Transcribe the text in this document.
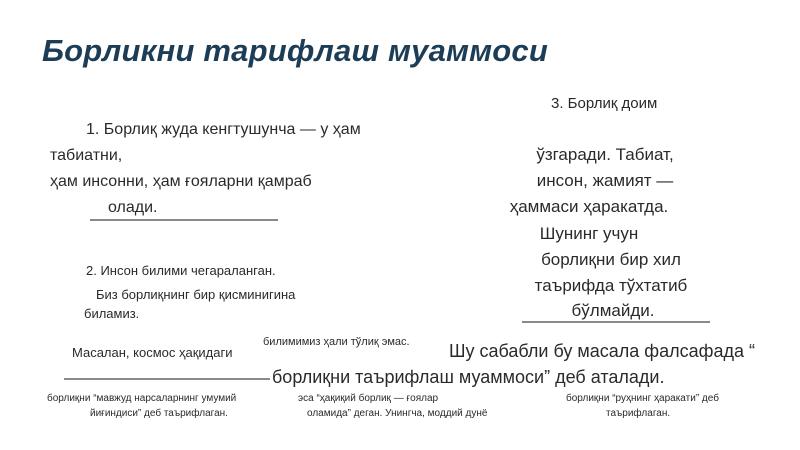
Борликни тарифлаш муаммоси
1. Борлиқ жуда кенгтушунча — у ҳам
табиатни,
ҳам инсонни, ҳам ғояларни қамраб
олади.
2. Инсон билими чегараланган.
Биз борлиқнинг бир қисминигина
биламиз.
3. Борлиқ доим
ўзгаради. Табиат,
инсон, жамият —
ҳаммаси ҳаракатда.
Шунинг учун
борлиқни бир хил
таърифда тўхтатиб
бўлмайди.
Масалан, космос ҳақидаги
билимимиз ҳали тўлиқ эмас. Шу сабабли бу масала фалсафада “
борлиқни таърифлаш муаммоси” деб аталади.
борлиқни “мавжуд нарсаларнинг умумий
йиғиндиси” деб таърифлаган.
эса “ҳақиқий борлиқ — ғоялар
оламида” деган. Унингча, моддий дунё
борлиқни “руҳнинг ҳаракати” деб
таърифлаган.
